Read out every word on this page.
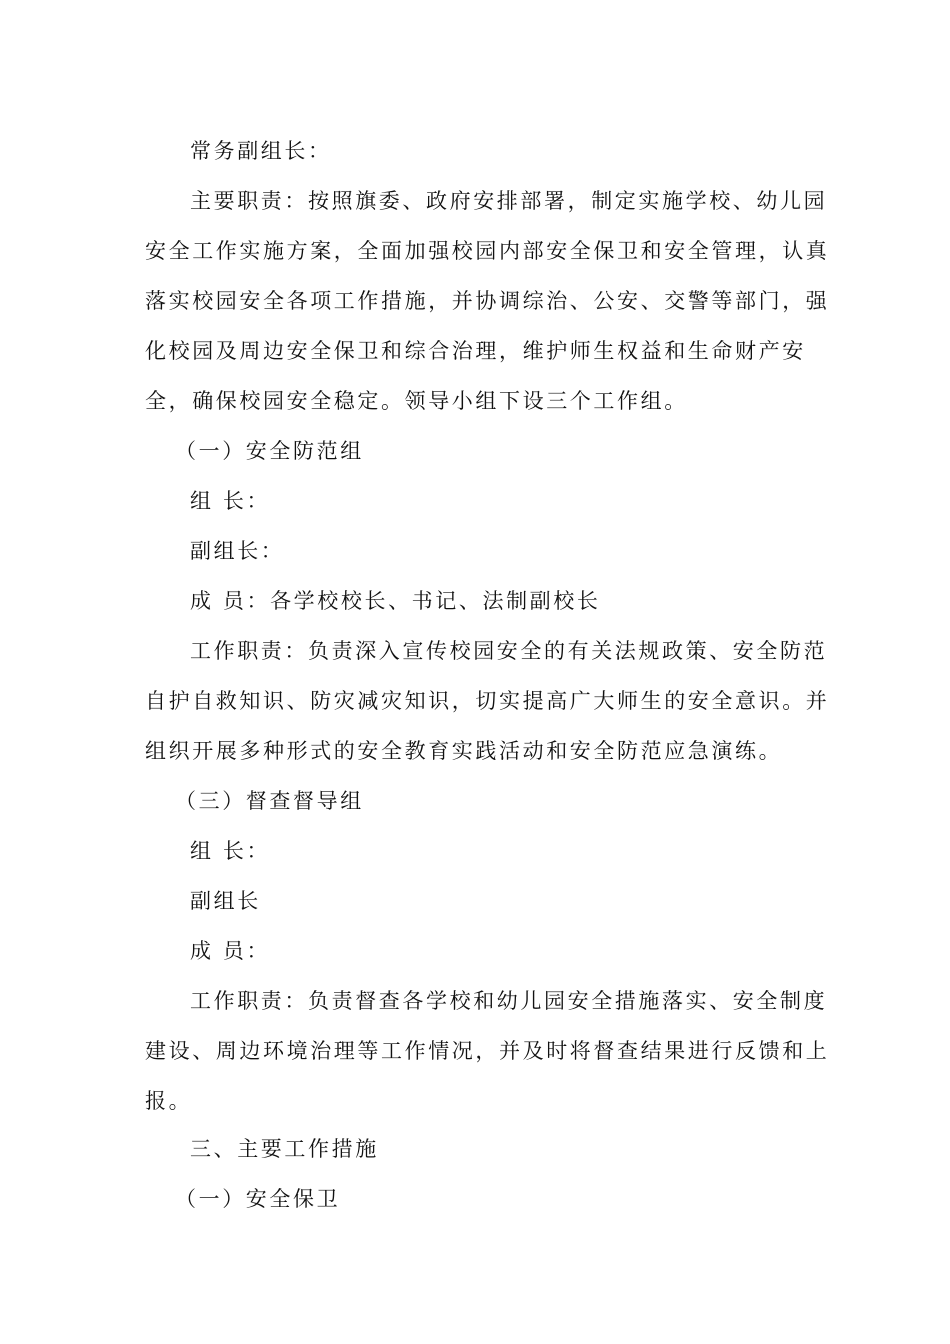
常务副组长：
主要职责：按照旗委、政府安排部署，制定实施学校、幼儿园
安全工作实施方案，全面加强校园内部安全保卫和安全管理，认真
落实校园安全各项工作措施，并协调综治、公安、交警等部门，强
化校园及周边安全保卫和综合治理，维护师生权益和生命财产安
全，确保校园安全稳定。领导小组下设三个工作组。
（一）安全防范组
组 长：
副组长：
成 员：各学校校长、书记、法制副校长
工作职责：负责深入宣传校园安全的有关法规政策、安全防范
自护自救知识、防灾减灾知识，切实提高广大师生的安全意识。并
组织开展多种形式的安全教育实践活动和安全防范应急演练。
（三）督查督导组
组 长：
副组长
成 员：
工作职责：负责督查各学校和幼儿园安全措施落实、安全制度
建设、周边环境治理等工作情况，并及时将督查结果进行反馈和上
报。
三、主要工作措施
（一）安全保卫
